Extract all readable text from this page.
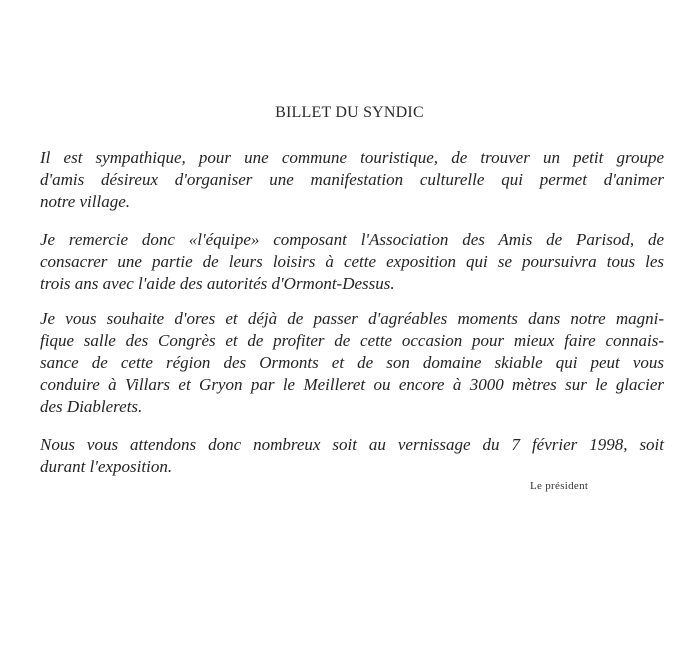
BILLET DU SYNDIC
Il est sympathique, pour une commune touristique, de trouver un petit groupe
d'amis désireux d'organiser une manifestation culturelle qui permet d'animer
notre village.
Je remercie donc «l'équipe» composant l'Association des Amis de Parisod, de
consacrer une partie de leurs loisirs à cette exposition qui se poursuivra tous les
trois ans avec l'aide des autorités d'Ormont-Dessus.
Je vous souhaite d'ores et déjà de passer d'agréables moments dans notre magni-
fique salle des Congrès et de profiter de cette occasion pour mieux faire connais-
sance de cette région des Ormonts et de son domaine skiable qui peut vous
conduire à Villars et Gryon par le Meilleret ou encore à 3000 mètres sur le glacier
des Diablerets.
Nous vous attendons donc nombreux soit au vernissage du 7 février 1998, soit
durant l'exposition.
Le président
